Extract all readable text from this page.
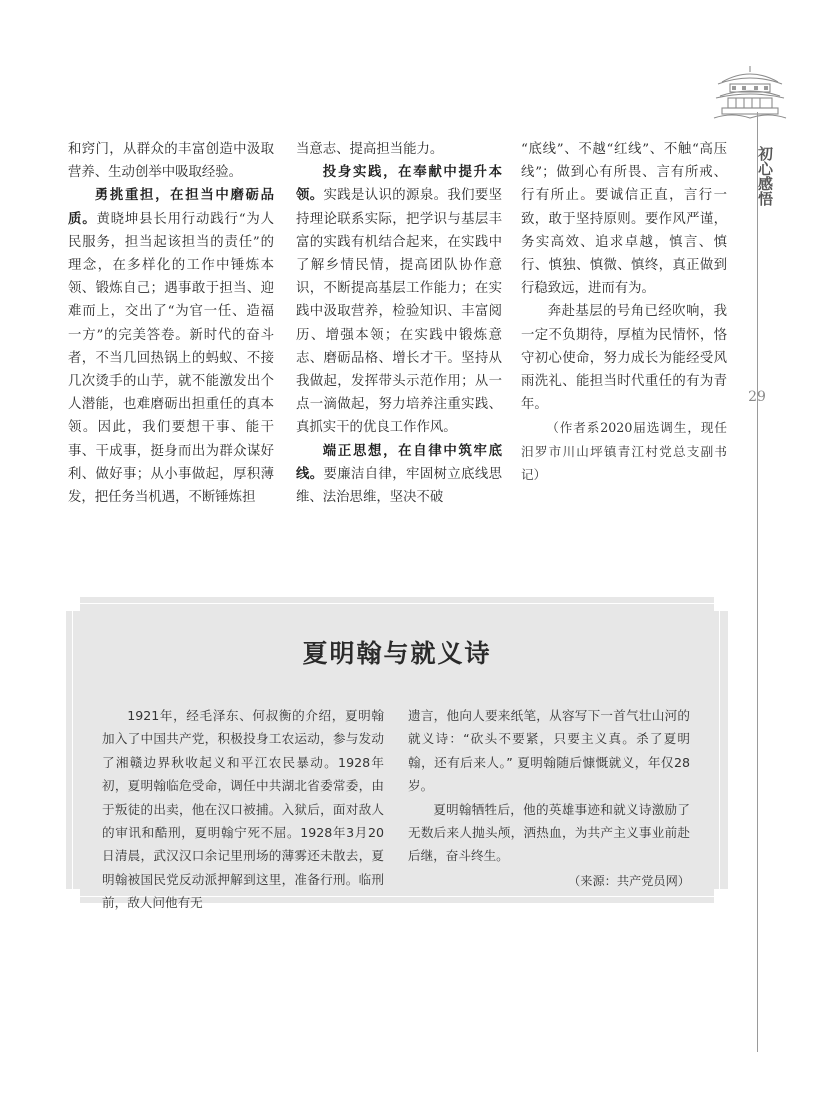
初心感悟
29

和窍门，从群众的丰富创造中汲取营养、生动创举中吸取经验。

勇挑重担，在担当中磨砺品质。黄晓坤县长用行动践行“为人民服务，担当起该担当的责任”的理念，在多样化的工作中锤炼本领、锻炼自己；遇事敢于担当、迎难而上，交出了“为官一任、造福一方”的完美答卷。新时代的奋斗者，不当几回热锅上的蚂蚁、不接几次烫手的山芋，就不能激发出个人潜能，也难磨砺出担重任的真本领。因此，我们要想干事、能干事、干成事，挺身而出为群众谋好利、做好事；从小事做起，厚积薄发，把任务当机遇，不断锤炼担

当意志、提高担当能力。

投身实践，在奉献中提升本领。实践是认识的源泉。我们要坚持理论联系实际，把学识与基层丰富的实践有机结合起来，在实践中了解乡情民情，提高团队协作意识，不断提高基层工作能力；在实践中汲取营养，检验知识、丰富阅历、增强本领；在实践中锻炼意志、磨砺品格、增长才干。坚持从我做起，发挥带头示范作用；从一点一滴做起，努力培养注重实践、真抓实干的优良工作作风。

端正思想，在自律中筑牢底线。要廉洁自律，牢固树立底线思维、法治思维，坚决不破

“底线”、不越“红线”、不触“高压线”；做到心有所畏、言有所戒、行有所止。要诚信正直，言行一致，敢于坚持原则。要作风严谨，务实高效、追求卓越，慎言、慎行、慎独、慎微、慎终，真正做到行稳致远，进而有为。

奔赴基层的号角已经吹响，我一定不负期待，厚植为民情怀，恪守初心使命，努力成长为能经受风雨洗礼、能担当时代重任的有为青年。

（作者系2020届选调生，现任汨罗市川山坪镇青江村党总支副书记）

夏明翰与就义诗

1921年，经毛泽东、何叔衡的介绍，夏明翰加入了中国共产党，积极投身工农运动，参与发动了湘赣边界秋收起义和平江农民暴动。1928年初，夏明翰临危受命，调任中共湖北省委常委，由于叛徒的出卖，他在汉口被捕。入狱后，面对敌人的审讯和酷刑，夏明翰宁死不屈。1928年3月20日清晨，武汉汉口余记里刑场的薄雾还未散去，夏明翰被国民党反动派押解到这里，准备行刑。临刑前，敌人问他有无

遗言，他向人要来纸笔，从容写下一首气壮山河的就义诗：“砍头不要紧，只要主义真。杀了夏明翰，还有后来人。” 夏明翰随后慷慨就义，年仅28岁。

夏明翰牺牲后，他的英雄事迹和就义诗激励了无数后来人抛头颅，洒热血，为共产主义事业前赴后继，奋斗终生。

（来源：共产党员网）
